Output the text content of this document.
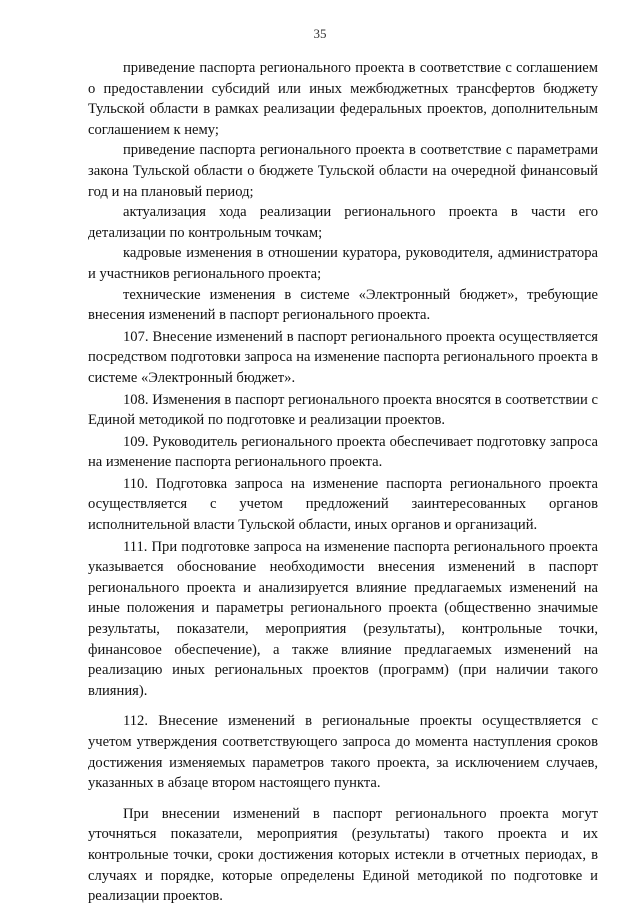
35

приведение паспорта регионального проекта в соответствие с соглашением о предоставлении субсидий или иных межбюджетных трансфертов бюджету Тульской области в рамках реализации федеральных проектов, дополнительным соглашением к нему;

приведение паспорта регионального проекта в соответствие с параметрами закона Тульской области о бюджете Тульской области на очередной финансовый год и на плановый период;

актуализация хода реализации регионального проекта в части его детализации по контрольным точкам;

кадровые изменения в отношении куратора, руководителя, администратора и участников регионального проекта;

технические изменения в системе «Электронный бюджет», требующие внесения изменений в паспорт регионального проекта.

107. Внесение изменений в паспорт регионального проекта осуществляется посредством подготовки запроса на изменение паспорта регионального проекта в системе «Электронный бюджет».

108. Изменения в паспорт регионального проекта вносятся в соответствии с Единой методикой по подготовке и реализации проектов.

109. Руководитель регионального проекта обеспечивает подготовку запроса на изменение паспорта регионального проекта.

110. Подготовка запроса на изменение паспорта регионального проекта осуществляется с учетом предложений заинтересованных органов исполнительной власти Тульской области, иных органов и организаций.

111. При подготовке запроса на изменение паспорта регионального проекта указывается обоснование необходимости внесения изменений в паспорт регионального проекта и анализируется влияние предлагаемых изменений на иные положения и параметры регионального проекта (общественно значимые результаты, показатели, мероприятия (результаты), контрольные точки, финансовое обеспечение), а также влияние предлагаемых изменений на реализацию иных региональных проектов (программ) (при наличии такого влияния).

112. Внесение изменений в региональные проекты осуществляется с учетом утверждения соответствующего запроса до момента наступления сроков достижения изменяемых параметров такого проекта, за исключением случаев, указанных в абзаце втором настоящего пункта.

При внесении изменений в паспорт регионального проекта могут уточняться показатели, мероприятия (результаты) такого проекта и их контрольные точки, сроки достижения которых истекли в отчетных периодах, в случаях и порядке, которые определены Единой методикой по подготовке и реализации проектов.
